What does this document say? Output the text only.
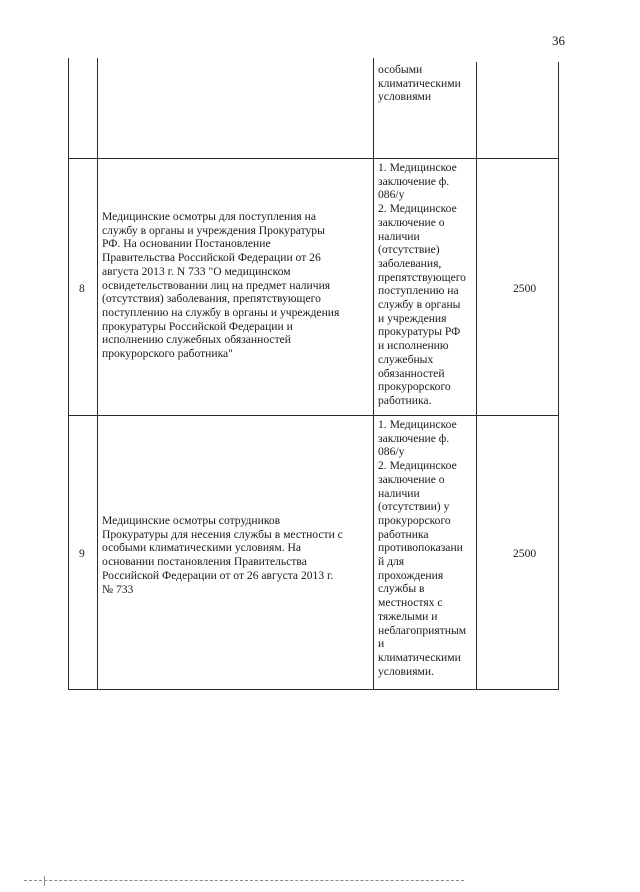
36
особыми
климатическими
условиями
8
Медицинские осмотры для поступления на
службу в органы и учреждения Прокуратуры
РФ. На основании Постановление
Правительства Российской Федерации от 26
августа 2013 г. N 733 "О медицинском
освидетельствовании лиц на предмет наличия
(отсутствия) заболевания, препятствующего
поступлению на службу в органы и учреждения
прокуратуры Российской Федерации и
исполнению служебных обязанностей
прокурорского работника"
1. Медицинское
заключение ф.
086/у
2. Медицинское
заключение о
наличии
(отсутствие)
заболевания,
препятствующего
поступлению на
службу в органы
и учреждения
прокуратуры РФ
и исполнению
служебных
обязанностей
прокурорского
работника.
2500
9
Медицинские осмотры сотрудников
Прокуратуры для несения службы в местности с
особыми климатическими условиям. На
основании постановления Правительства
Российской Федерации от от 26 августа 2013 г.
№ 733
1. Медицинское
заключение ф.
086/у
2. Медицинское
заключение о
наличии
(отсутствии) у
прокурорского
работника
противопоказани
й для
прохождения
службы в
местностях с
тяжелыми и
неблагоприятным
и
климатическими
условиями.
2500
